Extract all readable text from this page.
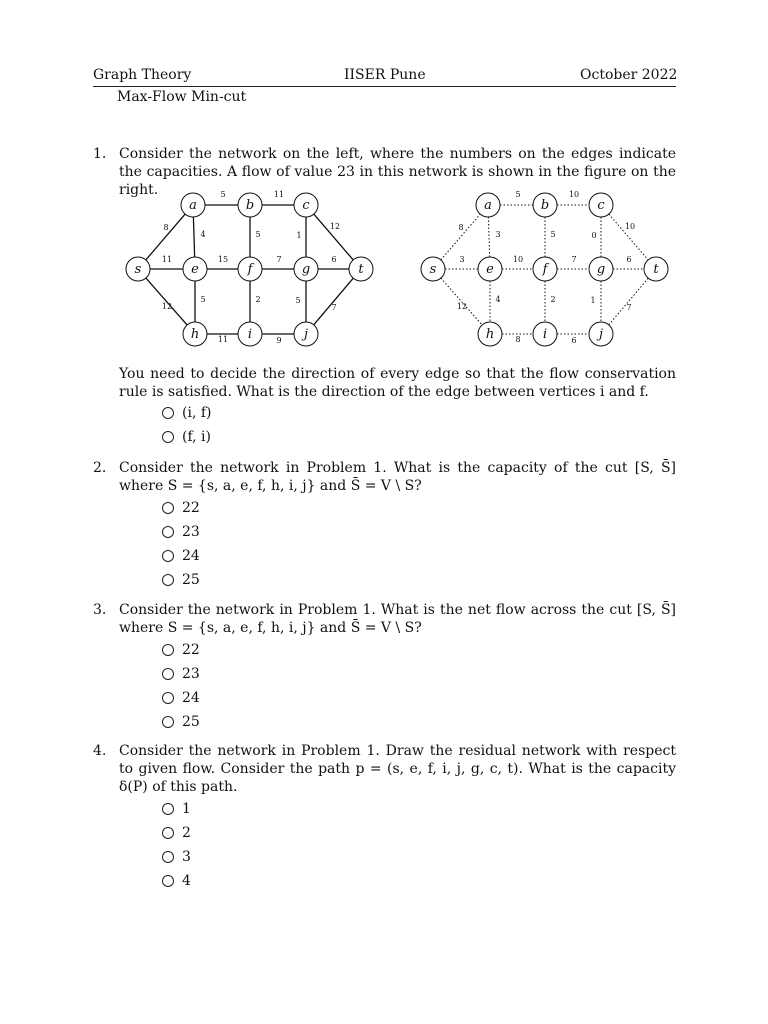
Graph Theory	IISER Pune	October 2022
Max-Flow Min-cut
1. Consider the network on the left, where the numbers on the edges indicate the capacities. A flow of value 23 in this network is shown in the figure on the right.	5	11
8
4	5	1
12
11	15	7	6
5	2	5
12	7
11	9
a	b	c
s	e	f	g	t
h	i	j
5	10
8
3	5	0
10
3	10	7	6
4	2	1
12	7
8	6
a	b	c
s	e	f	g	t
h	i	j
You need to decide the direction of every edge so that the flow conservation rule is satisfied. What is the direction of the edge between vertices i and f.
(i, f)
(f, i)
2. Consider the network in Problem 1. What is the capacity of the cut [S, S̄] where S = {s, a, e, f, h, i, j} and S̄ = V \ S?
22
23
24
25
3. Consider the network in Problem 1. What is the net flow across the cut [S, S̄] where S = {s, a, e, f, h, i, j} and S̄ = V \ S?
22
23
24
25
4. Consider the network in Problem 1. Draw the residual network with respect to given flow. Consider the path p = (s, e, f, i, j, g, c, t). What is the capacity δ(P) of this path.
1
2
3
4
